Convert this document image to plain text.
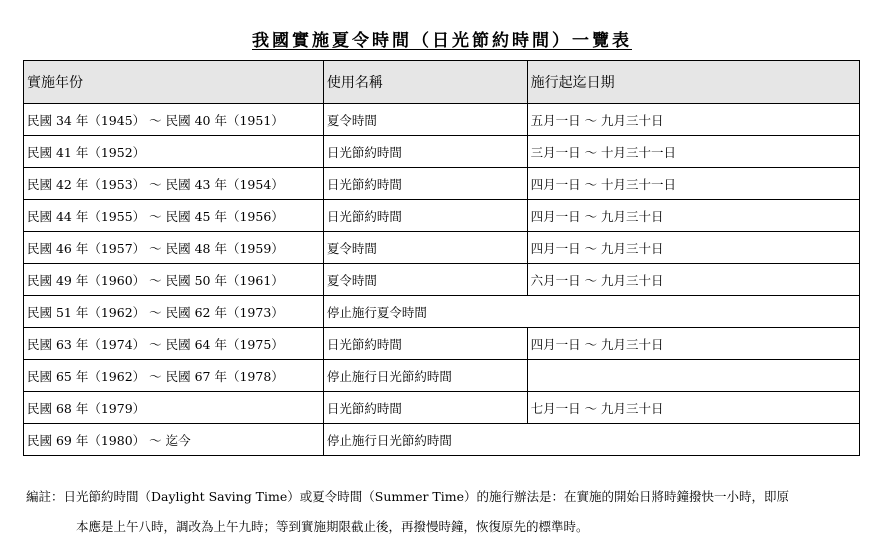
我國實施夏令時間（日光節約時間）一覽表
實施年份	使用名稱	施行起迄日期
民國 34 年（1945） ～ 民國 40 年（1951）	夏令時間	五月一日 ～ 九月三十日
民國 41 年（1952）	日光節約時間	三月一日 ～ 十月三十一日
民國 42 年（1953） ～ 民國 43 年（1954）	日光節約時間	四月一日 ～ 十月三十一日
民國 44 年（1955） ～ 民國 45 年（1956）	日光節約時間	四月一日 ～ 九月三十日
民國 46 年（1957） ～ 民國 48 年（1959）	夏令時間	四月一日 ～ 九月三十日
民國 49 年（1960） ～ 民國 50 年（1961）	夏令時間	六月一日 ～ 九月三十日
民國 51 年（1962） ～ 民國 62 年（1973）	停止施行夏令時間	
民國 63 年（1974） ～ 民國 64 年（1975）	日光節約時間	四月一日 ～ 九月三十日
民國 65 年（1962） ～ 民國 67 年（1978）	停止施行日光節約時間	
民國 68 年（1979）	日光節約時間	七月一日 ～ 九月三十日
民國 69 年（1980） ～ 迄今	停止施行日光節約時間	
編註：日光節約時間（Daylight Saving Time）或夏令時間（Summer Time）的施行辦法是：在實施的開始日將時鐘撥快一小時，即原
本應是上午八時，調改為上午九時；等到實施期限截止後，再撥慢時鐘，恢復原先的標準時。
